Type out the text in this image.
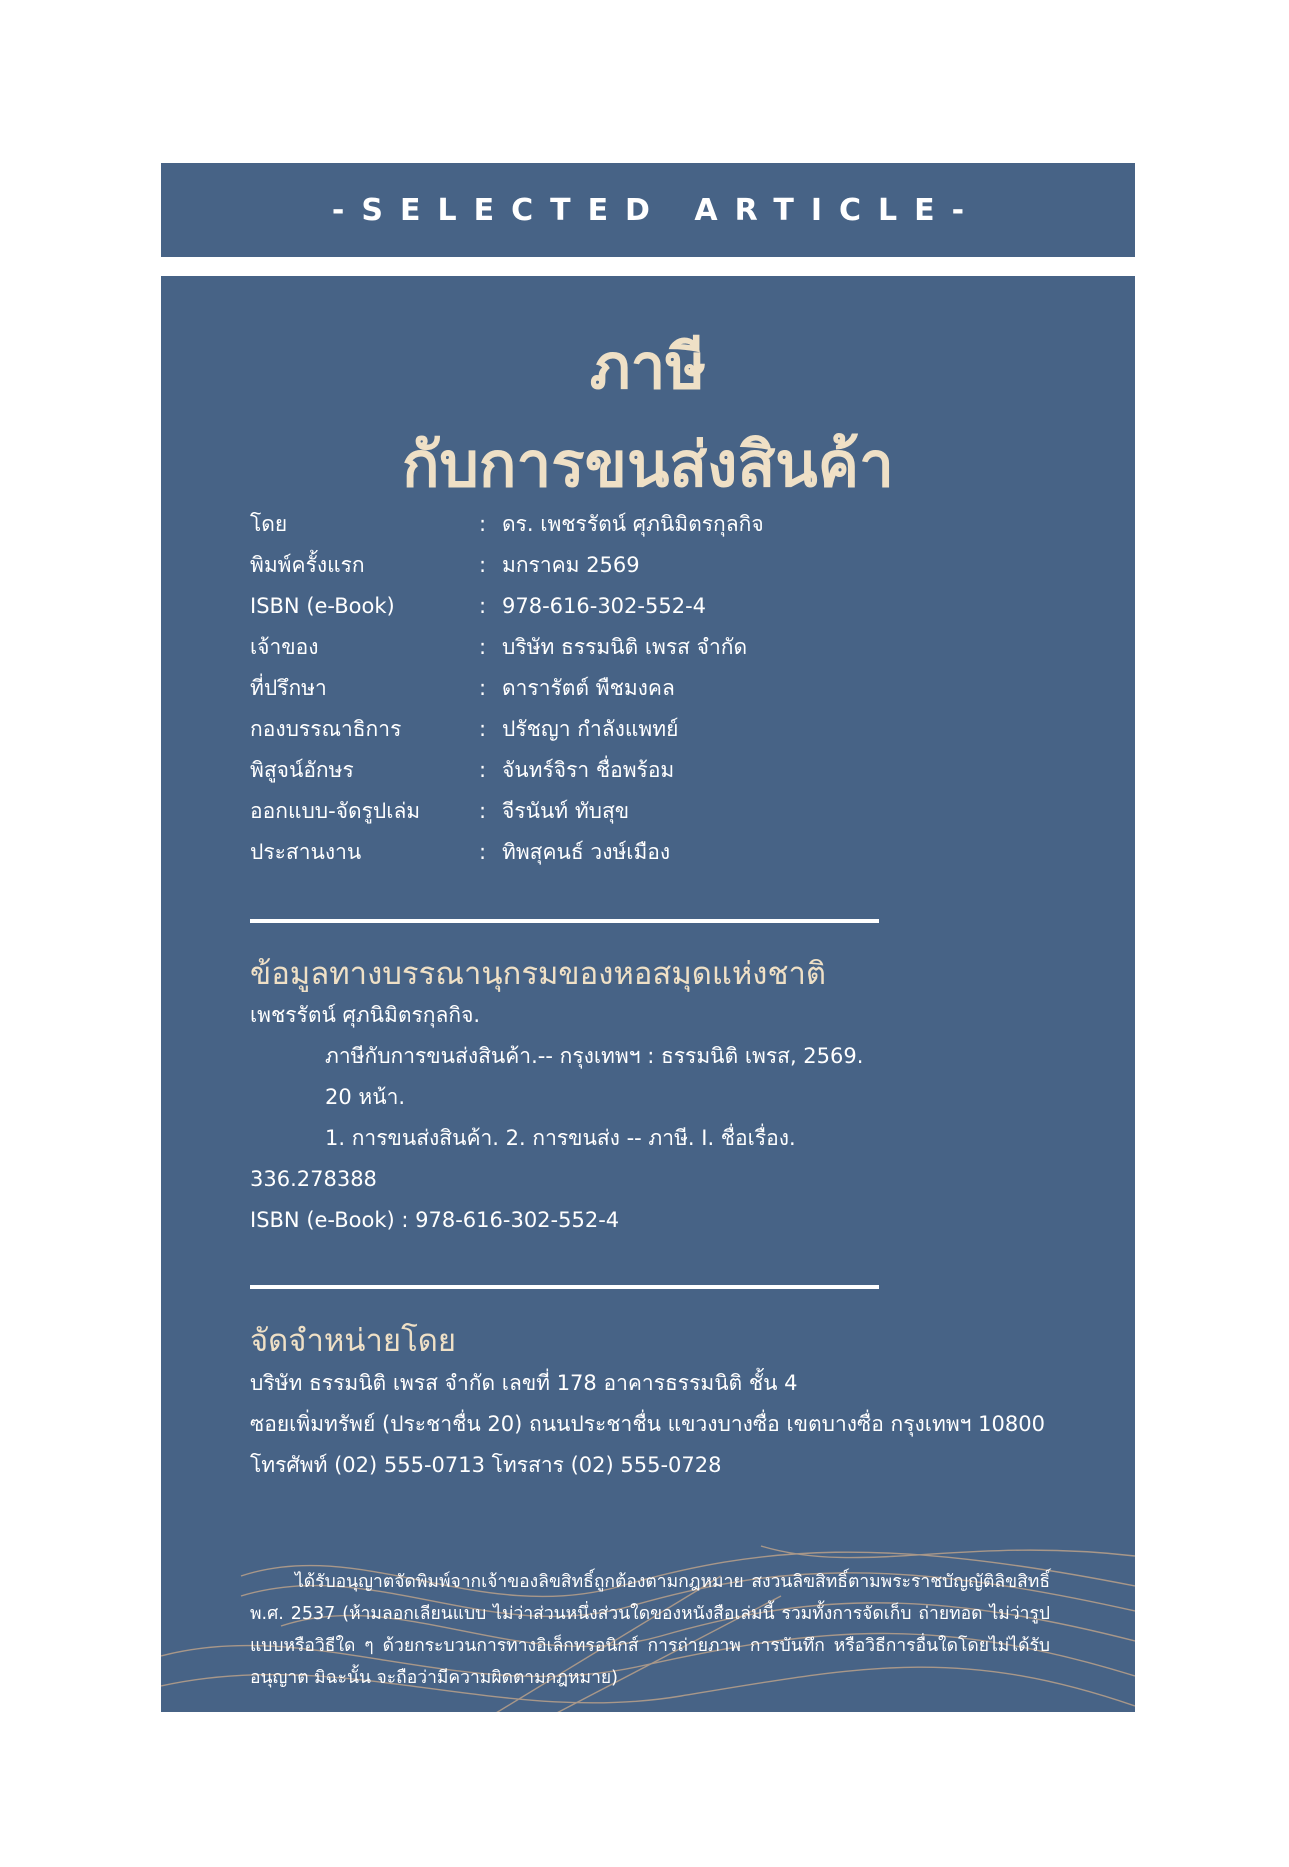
-SELECTED ARTICLE-
ภาษี
กับการขนส่งสินค้า
โดย	: ดร. เพชรรัตน์ ศุภนิมิตรกุลกิจ
พิมพ์ครั้งแรก	: มกราคม 2569
ISBN (e-Book)	: 978-616-302-552-4
เจ้าของ	: บริษัท ธรรมนิติ เพรส จำกัด
ที่ปรึกษา	: ดารารัตต์ พืชมงคล
กองบรรณาธิการ	: ปรัชญา กำลังแพทย์
พิสูจน์อักษร	: จันทร์จิรา ชื่อพร้อม
ออกแบบ-จัดรูปเล่ม	: จีรนันท์ ทับสุข
ประสานงาน	: ทิพสุคนธ์ วงษ์เมือง
ข้อมูลทางบรรณานุกรมของหอสมุดแห่งชาติ
เพชรรัตน์ ศุภนิมิตรกุลกิจ.
ภาษีกับการขนส่งสินค้า.-- กรุงเทพฯ : ธรรมนิติ เพรส, 2569.
20 หน้า.
1. การขนส่งสินค้า. 2. การขนส่ง -- ภาษี. I. ชื่อเรื่อง.
336.278388
ISBN (e-Book) : 978-616-302-552-4
จัดจำหน่ายโดย
บริษัท ธรรมนิติ เพรส จำกัด เลขที่ 178 อาคารธรรมนิติ ชั้น 4
ซอยเพิ่มทรัพย์ (ประชาชื่น 20) ถนนประชาชื่น แขวงบางซื่อ เขตบางซื่อ กรุงเทพฯ 10800
โทรศัพท์ (02) 555-0713 โทรสาร (02) 555-0728
ได้รับอนุญาตจัดพิมพ์จากเจ้าของลิขสิทธิ์ถูกต้องตามกฎหมาย สงวนลิขสิทธิ์ตามพระราชบัญญัติลิขสิทธิ์ พ.ศ. 2537 (ห้ามลอกเลียนแบบ ไม่ว่าส่วนหนึ่งส่วนใดของหนังสือเล่มนี้ รวมทั้งการจัดเก็บ ถ่ายทอด ไม่ว่ารูปแบบหรือวิธีใด ๆ ด้วยกระบวนการทางอิเล็กทรอนิกส์ การถ่ายภาพ การบันทึก หรือวิธีการอื่นใดโดยไม่ได้รับอนุญาต มิฉะนั้น จะถือว่ามีความผิดตามกฎหมาย)
